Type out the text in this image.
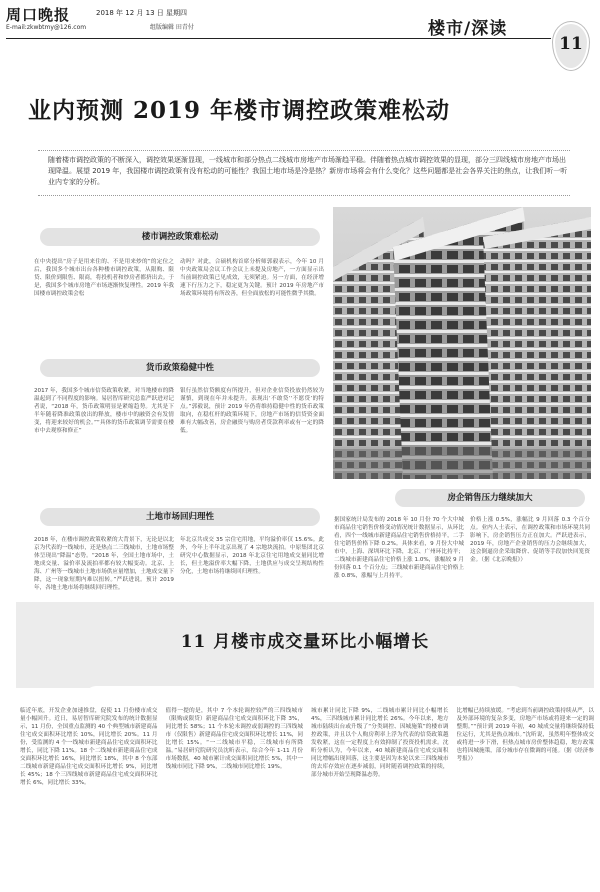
周口晚报
E-mail:zkwbtmy@126.com
2018 年 12 月 13 日 星期四
组版编辑 田青付	楼市/深读
11
业内预测 2019 年楼市调控政策难松动
随着楼市调控政策的不断深入，调控效果逐渐显现，一线城市和部分热点二线城市房地产市场渐趋平稳。伴随着热点城市调控效果的显现，部分三四线城市房地产市场出现降温。展望 2019 年，我国楼市调控政策有没有松动的可能性？我国土地市场是冷是热？新房市场将会有什么变化？这些问题都是社会各界关注的焦点，让我们听一听业内专家的分析。
楼市调控政策难松动
在中央提出“房子是用来住的、不是用来炒的”的定位之后，我国多个城市出台各种楼市调控政策，从限购、限贷、限价到限售、限商，将投机者和炒房者都挤出去。于是，我国多个城市房地产市场逐渐恢复理性。2019 年我国楼市调控政策会松
动吗？对此，合硕机构首席分析师郭毅表示，今年 10 月中央政策局会议工作会议上未提及房地产，一方面显示出当前调控政策已见成效，无须紧迫。另一方面，在经济增速下行压力之下，稳定更为关键。预计 2019 年房地产市场政策环境将有所改善，但全面放松的可能性微乎其微。
货币政策稳健中性
2017 年，我国多个城市信贷政策收紧，对当地楼市的降温起到了不同程度的影响。易居智库研究总监严跃进对记者说，“2018 年，货币政策明显是紧缩趋势。尤其是下半年随着降准政策放出的释放，楼市中的融资会有发情变，将迎来较好的机会。”“具体的货币政策调节需要在楼市中去观察和修正”
银行虽然信贷额度有所提升，但对企业信贷投放仍然较为谨慎，到现在年并未提升。表现出‘不敢贷’‘不愿贷’的特点。”郭毅说，预计 2019 年仍将维持稳健中性的货币政策取向，在稳杠杆的政策环境下，房地产市场的信贷资金面难有大幅改善，房企融资与购房者贷款利率或有一定的降低。
土地市场回归理性
2018 年，在楼市调控政策收紧的大背景下，无论是以北京为代表的一线城市，还是热点二三线城市，土地市场整体呈现出“降温”态势。“2018 年，全国土地市场中，土地成交量、溢价率及流拍率都有较大幅变动。北京、上海、广州等一线城市土地市场供应量增加，土地成交量下降，这一现象短期内难以扭转。”严跃进说。预计 2019 年，各地土地市场将继续回归理性。
年北京共成交 35 宗住宅用地，平均溢价率仅 15.6%。此外，今年上半年北京出现了 4 宗地块流拍。中原集团北京研究中心数据显示，2018 年北京住宅用地成交量同比增长，但土地溢价率大幅下降，土地供应与成交呈现结构性分化，土地市场将继续回归理性。
房企销售压力继续加大
据国家统计局发布的 2018 年 10 月份 70 个大中城市商品住宅销售价格变动情况统计数据显示，从环比看，四个一线城市新建商品住宅销售价格持平，二手住宅销售价格下降 0.2%。具体来看，9 月份大中城市中，上海、深圳环比下降，北京、广州环比持平；二线城市新建商品住宅价格上涨 1.0%，涨幅较 9 月份回落 0.1 个百分点；三线城市新建商品住宅价格上涨 0.8%，涨幅与上月持平。
价格上涨 0.5%，涨幅比 9 月回落 0.3 个百分点。业内人士表示，在调控政策和市场环境共同影响下，房企销售压力正在加大。严跃进表示，2019 年，房地产企业销售的压力会继续加大，这会倒逼房企采取降价、促销等手段加快回笼资金。（据《北京晚报》）
11 月楼市成交量环比小幅增长
临近年底，开发企业加速推盘，促使 11 月份楼市成交量小幅回升。近日，易居智库研究院发布的统计数据显示，11 月份，全国重点监测的 40 个典型城市新建商品住宅成交面积环比增长 10%，同比增长 20%。11 月份，受监测的 4 个一线城市新建商品住宅成交面积环比增长，同比下降 11%。18 个二线城市新建商品住宅成交面积环比增长 16%，同比增长 18%，其中 8 个东部二线城市新建商品住宅成交面积环比增长 9%，同比增长 45%；18 个三四线城市新建商品住宅成交面积环比增长 6%，同比增长 33%。
值得一提的是，其中 7 个本轮调控较严的三四线城市（限购或限贷）新建商品住宅成交面积环比下降 3%，同比增长 58%；11 个本轮未调控或弱调控的三四线城市（仅限售）新建商品住宅成交面积环比增长 11%，同比增长 15%。“一二线城市平稳，三线城市有所降温。”易居研究院研究员沈昕表示，综合今年 1-11 月份市场数据，40 城市累计成交面积同比增长 5%，其中一线城市同比下降 9%，二线城市同比增长 19%。
城市累计同比下降 9%，二线城市累计同比小幅增长 4%，三四线城市累计同比增长 26%。今年以来，地方城市陆续出台或升级了“分类调控、因城施策”的楼市调控政策，并且以个人购房利率上浮为代表的信贷政策越发收紧，这在一定程度上有效抑制了投资投机需求。沈昕分析认为，今年以来，40 城新建商品住宅成交面积同比增幅出现回落，这主要是因为本轮以来三四线城市的去库存效应在逐步减弱，同时随着调控政策的持续，部分城市开始呈现降温态势。
比增幅已持续放缓。“考虑到当前调控政策持续从严，以及外部环境的复杂多变，房地产市场或将迎来一定的调整期。”“预计到 2019 年初，40 城成交量将继续保持低位运行，尤其是热点城市。”沈昕说，虽然明年整体成交或将进一步下滑，但热点城市房价整体趋稳，地方政策也将因城施策，部分城市存在微调的可能。（据《经济参考报》）
